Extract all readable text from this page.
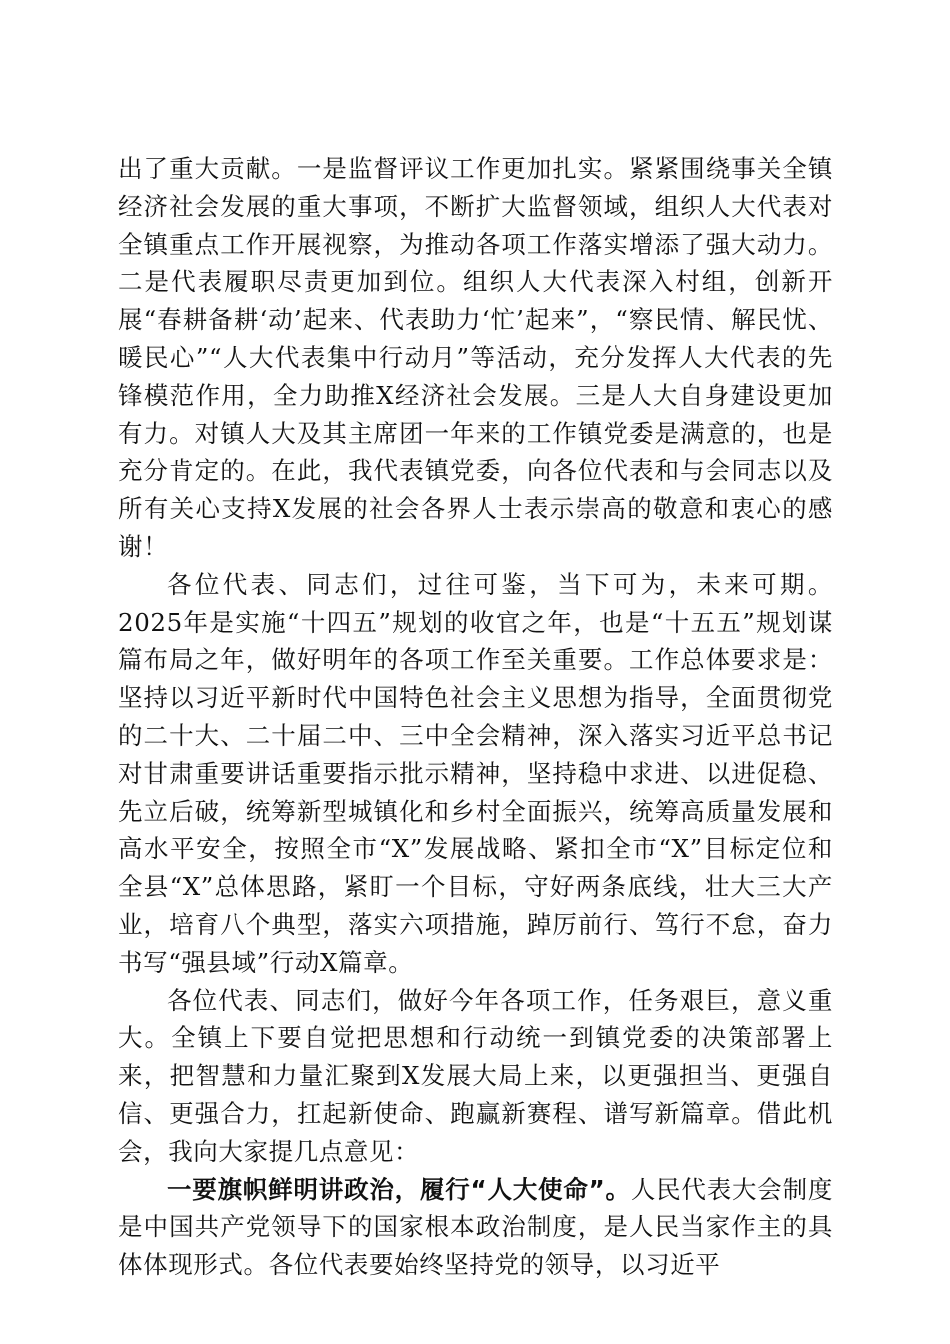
出了重大贡献。一是监督评议工作更加扎实。紧紧围绕事关全镇经济社会发展的重大事项，不断扩大监督领域，组织人大代表对全镇重点工作开展视察，为推动各项工作落实增添了强大动力。二是代表履职尽责更加到位。组织人大代表深入村组，创新开展“春耕备耕‘动’起来、代表助力‘忙’起来”，“察民情、解民忧、暖民心”“人大代表集中行动月”等活动，充分发挥人大代表的先锋模范作用，全力助推X经济社会发展。三是人大自身建设更加有力。对镇人大及其主席团一年来的工作镇党委是满意的，也是充分肯定的。在此，我代表镇党委，向各位代表和与会同志以及所有关心支持X发展的社会各界人士表示崇高的敬意和衷心的感谢！

各位代表、同志们，过往可鉴，当下可为，未来可期。2025年是实施“十四五”规划的收官之年，也是“十五五”规划谋篇布局之年，做好明年的各项工作至关重要。工作总体要求是：坚持以习近平新时代中国特色社会主义思想为指导，全面贯彻党的二十大、二十届二中、三中全会精神，深入落实习近平总书记对甘肃重要讲话重要指示批示精神，坚持稳中求进、以进促稳、先立后破，统筹新型城镇化和乡村全面振兴，统筹高质量发展和高水平安全，按照全市“X”发展战略、紧扣全市“X”目标定位和全县“X”总体思路，紧盯一个目标，守好两条底线，壮大三大产业，培育八个典型，落实六项措施，踔厉前行、笃行不怠，奋力书写“强县域”行动X篇章。

各位代表、同志们，做好今年各项工作，任务艰巨，意义重大。全镇上下要自觉把思想和行动统一到镇党委的决策部署上来，把智慧和力量汇聚到X发展大局上来，以更强担当、更强自信、更强合力，扛起新使命、跑赢新赛程、谱写新篇章。借此机会，我向大家提几点意见：

一要旗帜鲜明讲政治，履行“人大使命”。人民代表大会制度是中国共产党领导下的国家根本政治制度，是人民当家作主的具体体现形式。各位代表要始终坚持党的领导，以习近平
